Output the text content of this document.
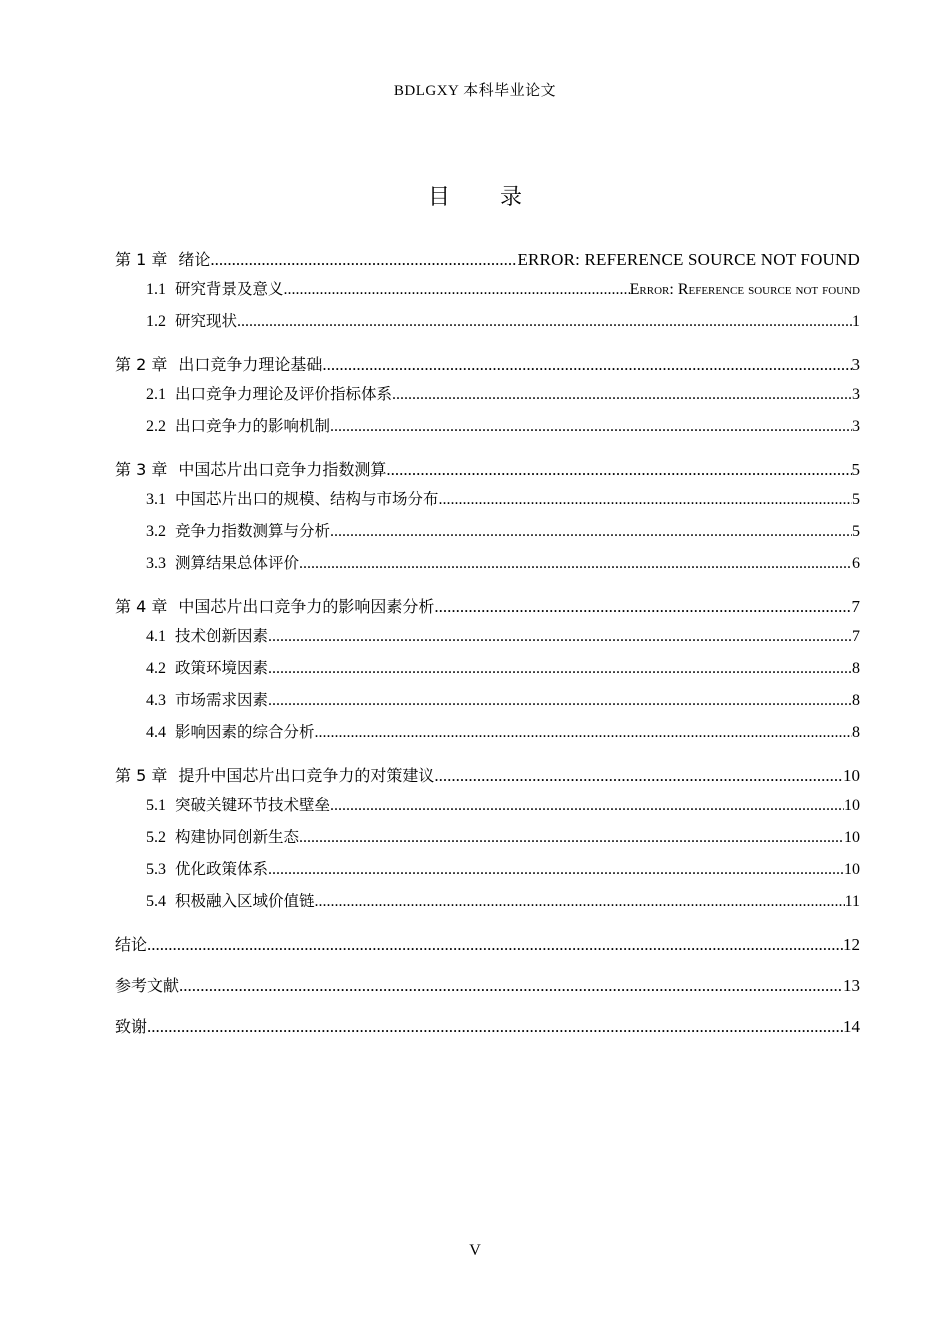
BDLGXY 本科毕业论文
目 录
第 1 章 绪论 .....	ERROR: REFERENCE SOURCE NOT FOUND
1.1 研究背景及意义 .....	Error: Reference source not found
1.2 研究现状 .....	1
第 2 章 出口竞争力理论基础 .....	3
2.1 出口竞争力理论及评价指标体系 .....	3
2.2 出口竞争力的影响机制 .....	3
第 3 章 中国芯片出口竞争力指数测算 .....	5
3.1 中国芯片出口的规模、结构与市场分布 .....	5
3.2 竞争力指数测算与分析 .....	5
3.3 测算结果总体评价 .....	6
第 4 章 中国芯片出口竞争力的影响因素分析 .....	7
4.1 技术创新因素 .....	7
4.2 政策环境因素 .....	8
4.3 市场需求因素 .....	8
4.4 影响因素的综合分析 .....	8
第 5 章 提升中国芯片出口竞争力的对策建议 .....	10
5.1 突破关键环节技术壁垒 .....	10
5.2 构建协同创新生态 .....	10
5.3 优化政策体系 .....	10
5.4 积极融入区域价值链 .....	11
结论 .....	12
参考文献 .....	13
致谢 .....	14
V
